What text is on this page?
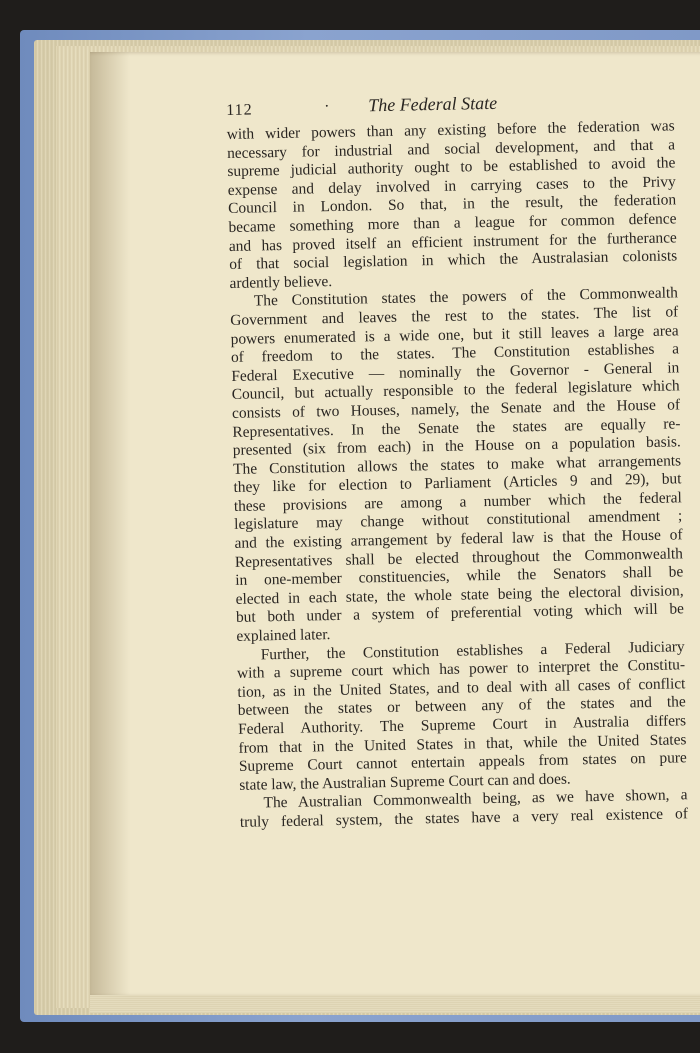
112	· The Federal State
with wider powers than any existing before the federation was
necessary for industrial and social development, and that a
supreme judicial authority ought to be established to avoid the
expense and delay involved in carrying cases to the Privy
Council in London. So that, in the result, the federation
became something more than a league for common defence
and has proved itself an efficient instrument for the furtherance
of that social legislation in which the Australasian colonists
ardently believe.
The Constitution states the powers of the Commonwealth
Government and leaves the rest to the states. The list of
powers enumerated is a wide one, but it still leaves a large area
of freedom to the states. The Constitution establishes a
Federal Executive — nominally the Governor - General in
Council, but actually responsible to the federal legislature which
consists of two Houses, namely, the Senate and the House of
Representatives. In the Senate the states are equally re-
presented (six from each) in the House on a population basis.
The Constitution allows the states to make what arrangements
they like for election to Parliament (Articles 9 and 29), but
these provisions are among a number which the federal
legislature may change without constitutional amendment ;
and the existing arrangement by federal law is that the House of
Representatives shall be elected throughout the Commonwealth
in one-member constituencies, while the Senators shall be
elected in each state, the whole state being the electoral division,
but both under a system of preferential voting which will be
explained later.
Further, the Constitution establishes a Federal Judiciary
with a supreme court which has power to interpret the Constitu-
tion, as in the United States, and to deal with all cases of conflict
between the states or between any of the states and the
Federal Authority. The Supreme Court in Australia differs
from that in the United States in that, while the United States
Supreme Court cannot entertain appeals from states on pure
state law, the Australian Supreme Court can and does.
The Australian Commonwealth being, as we have shown, a
truly federal system, the states have a very real existence of
